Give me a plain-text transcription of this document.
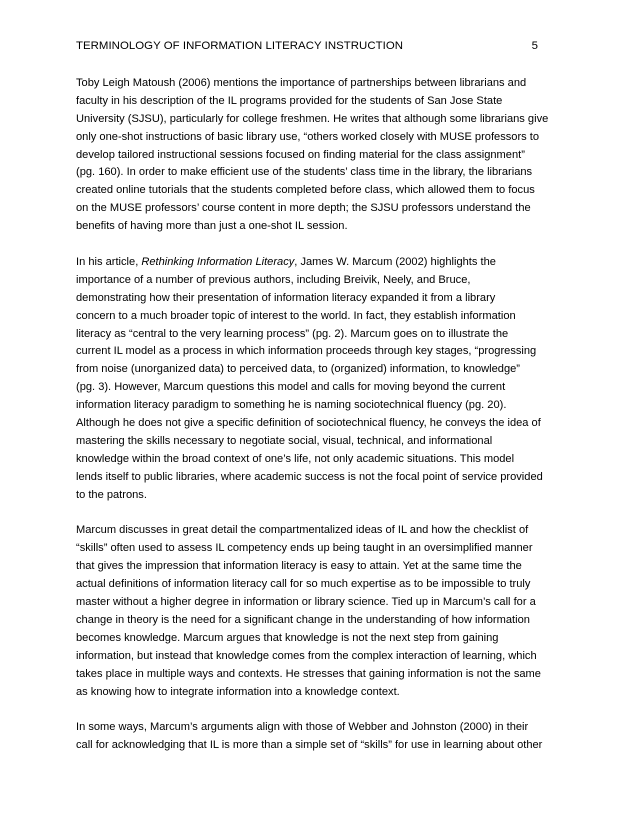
TERMINOLOGY OF INFORMATION LITERACY INSTRUCTION	5
Toby Leigh Matoush (2006) mentions the importance of partnerships between librarians and
faculty in his description of the IL programs provided for the students of San Jose State
University (SJSU), particularly for college freshmen. He writes that although some librarians give
only one-shot instructions of basic library use, “others worked closely with MUSE professors to
develop tailored instructional sessions focused on finding material for the class assignment”
(pg. 160). In order to make efficient use of the students’ class time in the library, the librarians
created online tutorials that the students completed before class, which allowed them to focus
on the MUSE professors’ course content in more depth; the SJSU professors understand the
benefits of having more than just a one-shot IL session.
In his article, Rethinking Information Literacy, James W. Marcum (2002) highlights the
importance of a number of previous authors, including Breivik, Neely, and Bruce,
demonstrating how their presentation of information literacy expanded it from a library
concern to a much broader topic of interest to the world. In fact, they establish information
literacy as “central to the very learning process” (pg. 2). Marcum goes on to illustrate the
current IL model as a process in which information proceeds through key stages, “progressing
from noise (unorganized data) to perceived data, to (organized) information, to knowledge”
(pg. 3). However, Marcum questions this model and calls for moving beyond the current
information literacy paradigm to something he is naming sociotechnical fluency (pg. 20).
Although he does not give a specific definition of sociotechnical fluency, he conveys the idea of
mastering the skills necessary to negotiate social, visual, technical, and informational
knowledge within the broad context of one’s life, not only academic situations. This model
lends itself to public libraries, where academic success is not the focal point of service provided
to the patrons.
Marcum discusses in great detail the compartmentalized ideas of IL and how the checklist of
“skills” often used to assess IL competency ends up being taught in an oversimplified manner
that gives the impression that information literacy is easy to attain. Yet at the same time the
actual definitions of information literacy call for so much expertise as to be impossible to truly
master without a higher degree in information or library science. Tied up in Marcum’s call for a
change in theory is the need for a significant change in the understanding of how information
becomes knowledge. Marcum argues that knowledge is not the next step from gaining
information, but instead that knowledge comes from the complex interaction of learning, which
takes place in multiple ways and contexts. He stresses that gaining information is not the same
as knowing how to integrate information into a knowledge context.
In some ways, Marcum’s arguments align with those of Webber and Johnston (2000) in their
call for acknowledging that IL is more than a simple set of “skills” for use in learning about other
